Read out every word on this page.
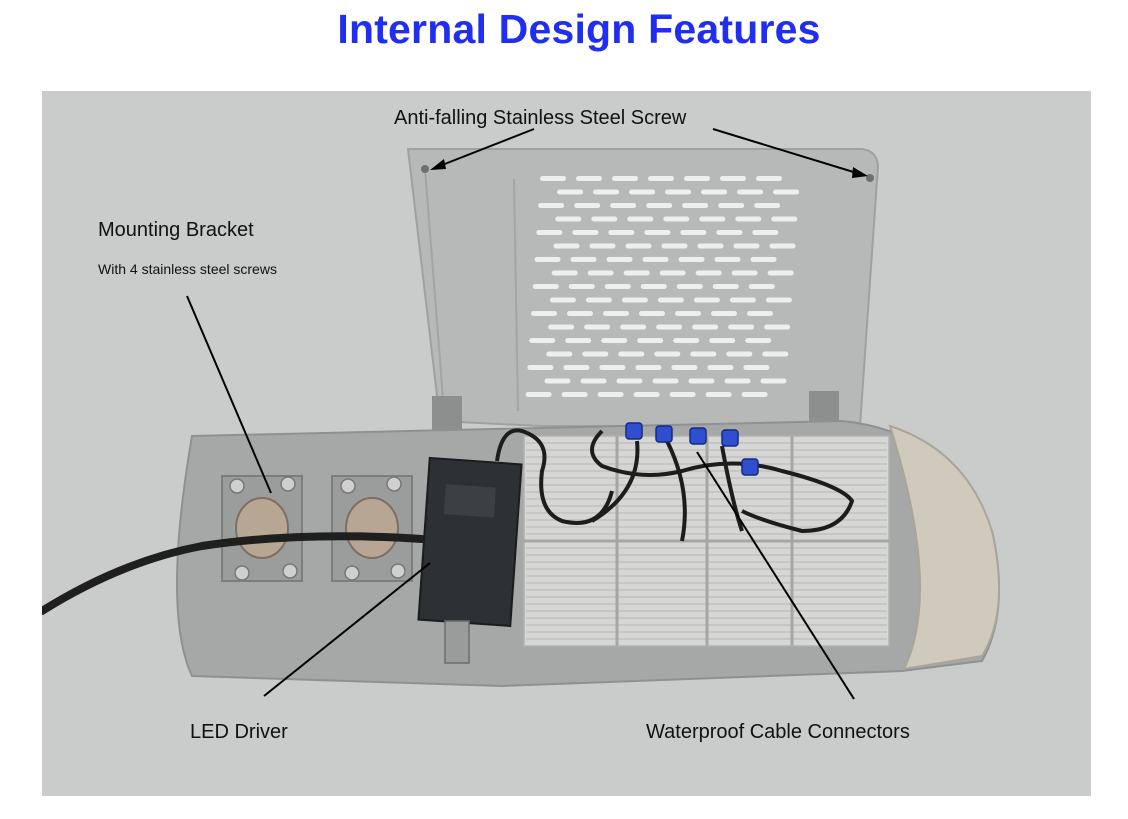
Internal Design Features
Anti-falling Stainless Steel Screw
Mounting Bracket
With 4 stainless steel screws
LED Driver	Waterproof Cable Connectors
